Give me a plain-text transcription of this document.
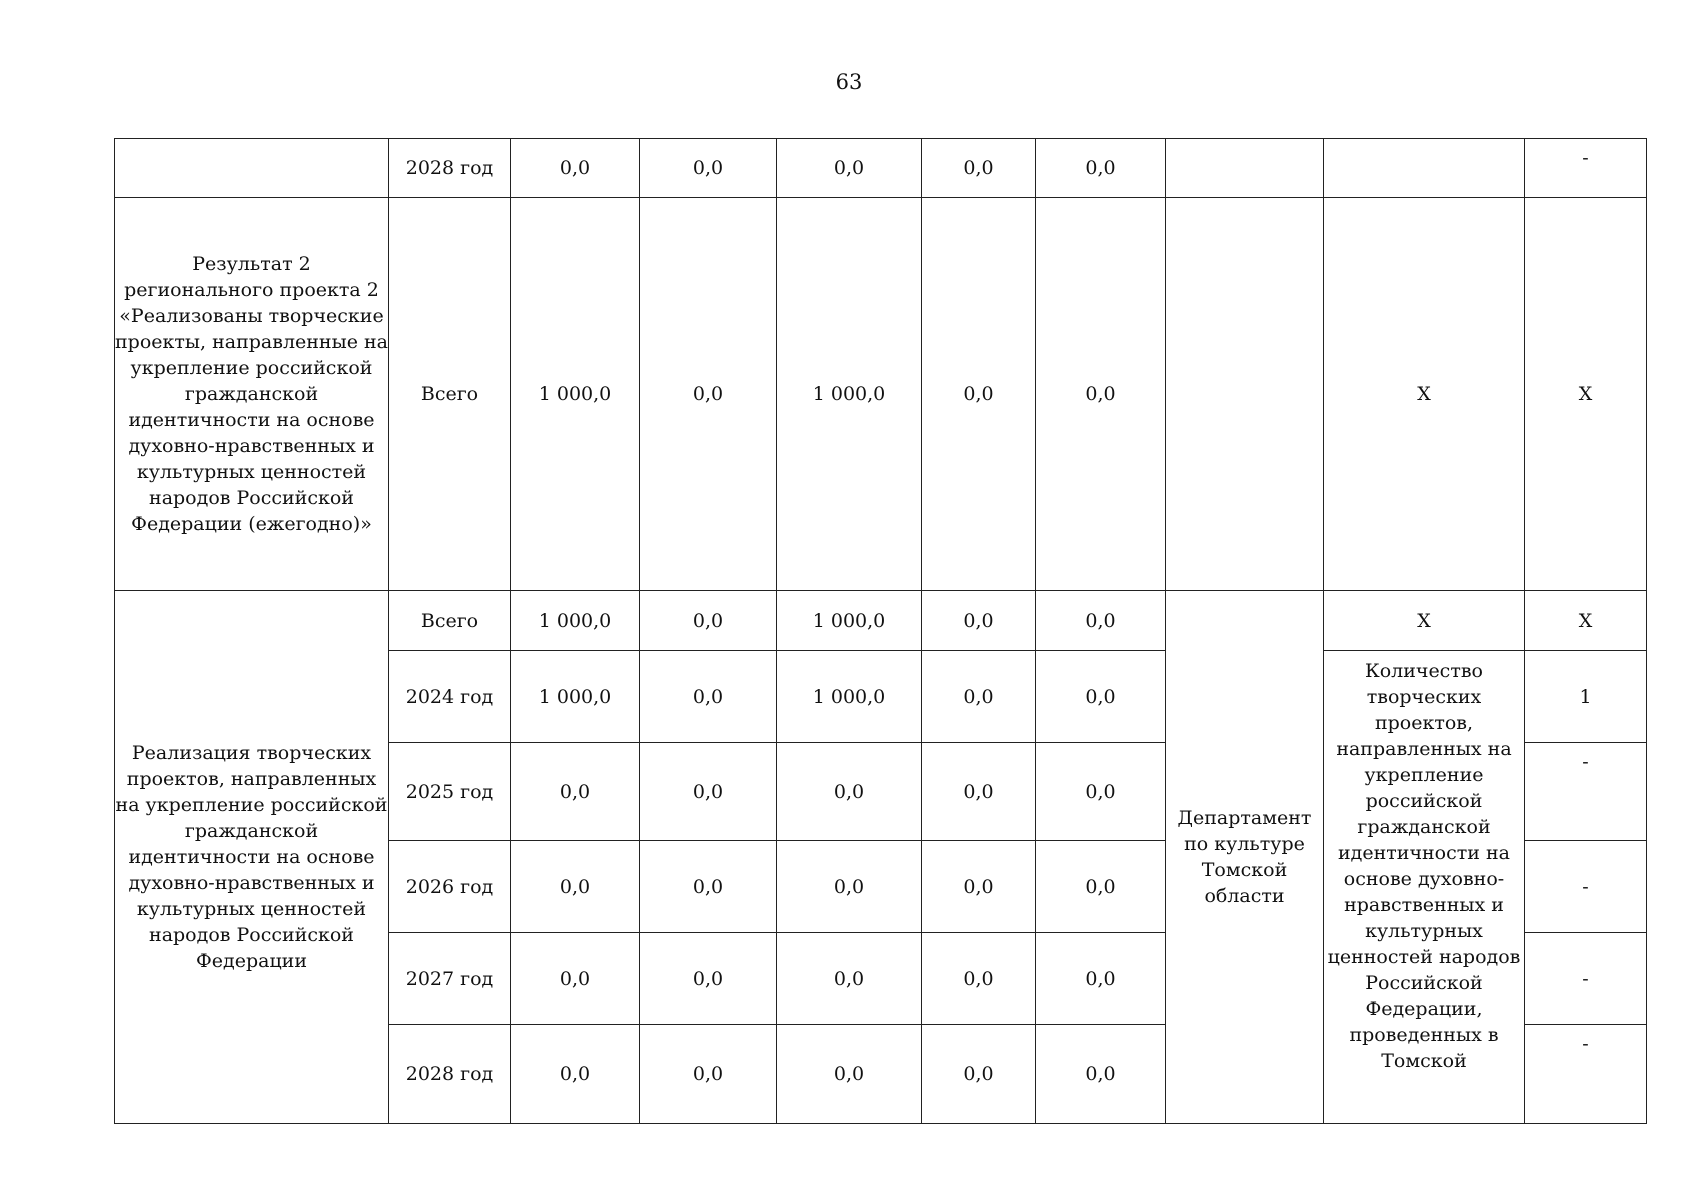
63
	2028 год	0,0	0,0	0,0	0,0	0,0			-
Результат 2 регионального проекта 2 «Реализованы творческие проекты, направленные на укрепление российской гражданской идентичности на основе духовно-нравственных и культурных ценностей народов Российской Федерации (ежегодно)»	Всего	1 000,0	0,0	1 000,0	0,0	0,0		Х	Х
Реализация творческих проектов, направленных на укрепление российской гражданской идентичности на основе духовно-нравственных и культурных ценностей народов Российской Федерации	Всего	1 000,0	0,0	1 000,0	0,0	0,0	Департамент по культуре Томской области	Х	Х
	2024 год	1 000,0	0,0	1 000,0	0,0	0,0		Количество творческих проектов, направленных на укрепление российской гражданской идентичности на основе духовно-нравственных и культурных ценностей народов Российской Федерации, проведенных в Томской	1
	2025 год	0,0	0,0	0,0	0,0	0,0			-
	2026 год	0,0	0,0	0,0	0,0	0,0			-
	2027 год	0,0	0,0	0,0	0,0	0,0			-
	2028 год	0,0	0,0	0,0	0,0	0,0			-
